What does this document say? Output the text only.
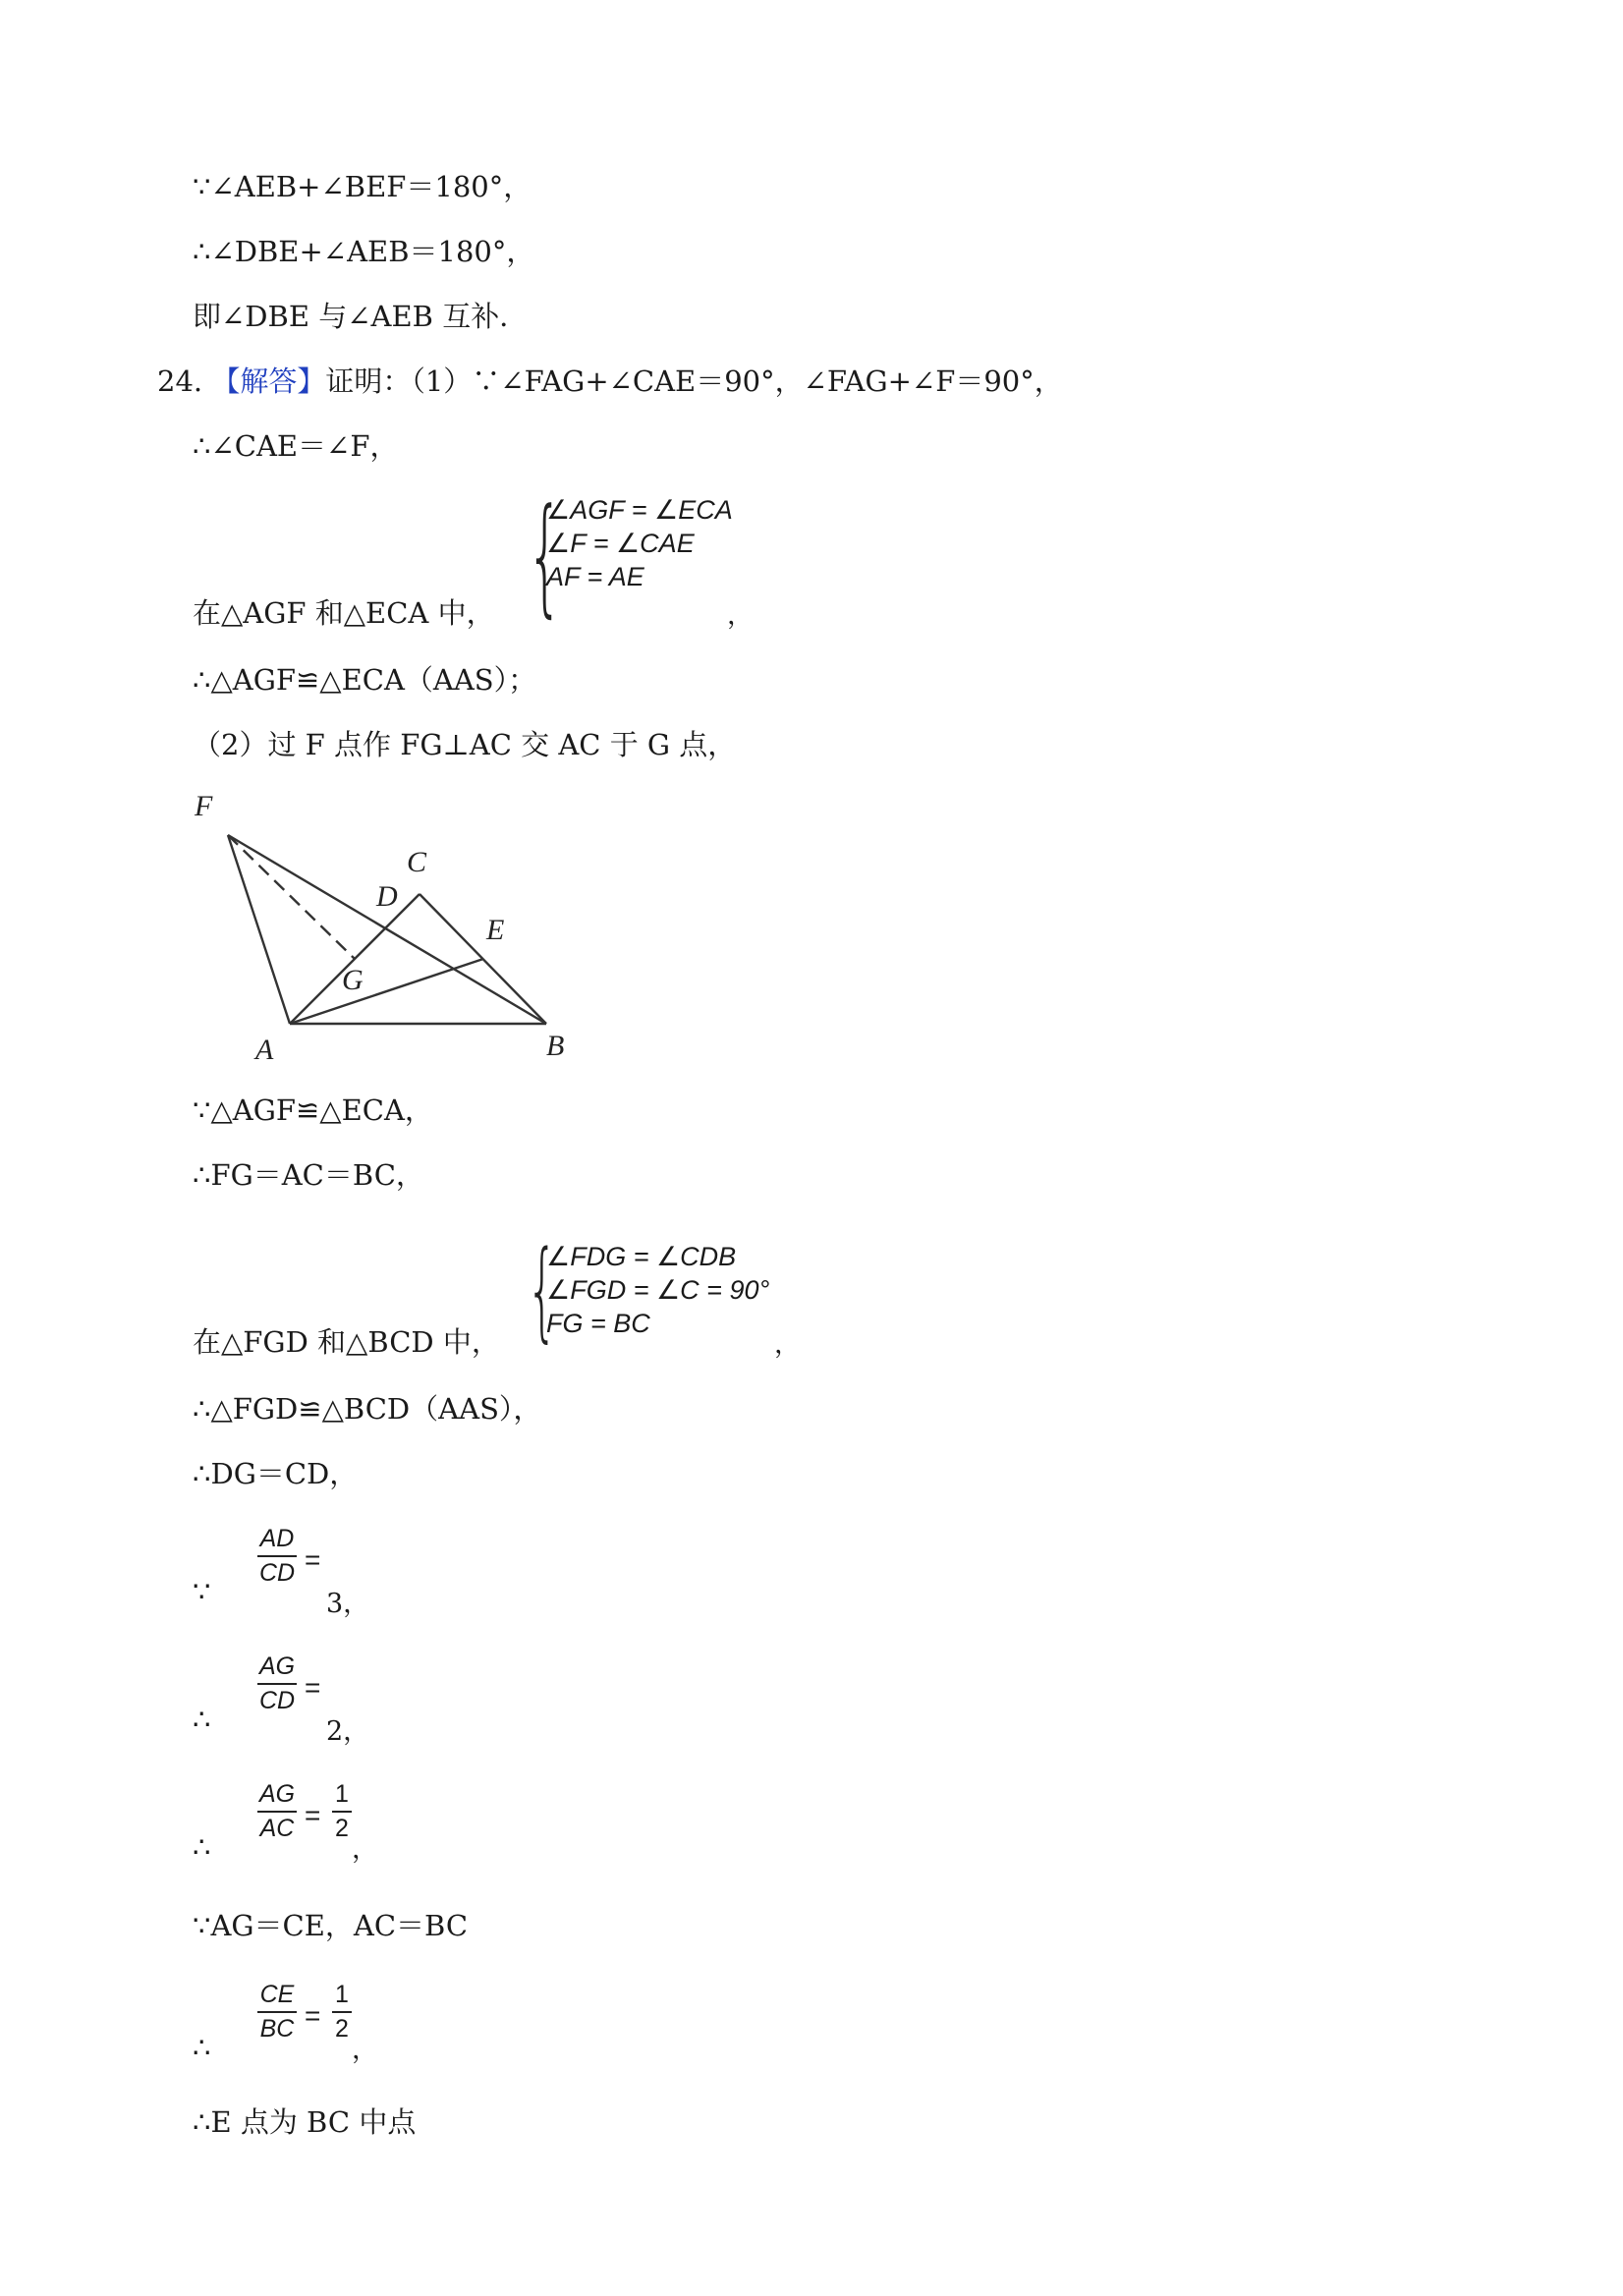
∵∠AEB+∠BEF＝180°，
∴∠DBE+∠AEB＝180°，
即∠DBE 与∠AEB 互补．
24. 【解答】证明：（1）∵∠FAG+∠CAE＝90°，∠FAG+∠F＝90°，
∴∠CAE＝∠F，
在△AGF 和△ECA 中， {
∠AGF = ∠ECA
∠F = ∠CAE
AF = AE
，
∴△AGF≌△ECA（AAS）；
（2）过 F 点作 FG⊥AC 交 AC 于 G 点，
F
C
D
E
G
A	B
∵△AGF≌△ECA，
∴FG＝AC＝BC，
在△FGD 和△BCD 中， {
∠FDG = ∠CDB
∠FGD = ∠C = 90°
FG = BC
，
∴△FGD≌△BCD（AAS），
∴DG＝CD，
∵
AD
CD =
3，
∴
AG
CD =
2，
∴
AG
AC =
1
2
，
∵AG＝CE，AC＝BC
∴
CE
BC =
1
2
，
∴E 点为 BC 中点
